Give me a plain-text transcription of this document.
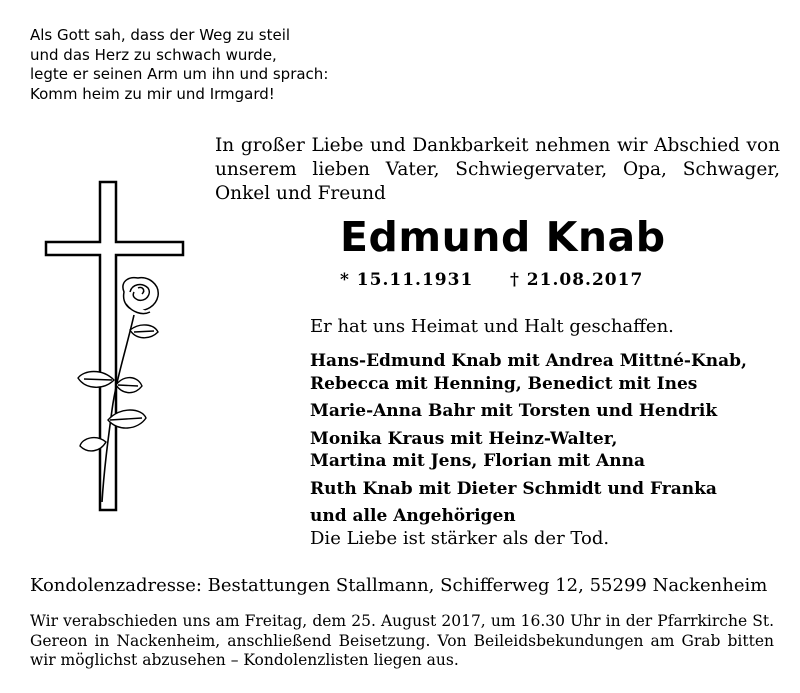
Als Gott sah, dass der Weg zu steil
und das Herz zu schwach wurde,
legte er seinen Arm um ihn und sprach:
Komm heim zu mir und Irmgard!
In großer Liebe und Dankbarkeit nehmen wir Abschied von unserem lieben Vater, Schwiegervater, Opa, Schwager, Onkel und Freund
Edmund Knab
* 15.11.1931 † 21.08.2017
Er hat uns Heimat und Halt geschaffen.
Hans-Edmund Knab mit Andrea Mittné-Knab,
Rebecca mit Henning, Benedict mit Ines
Marie-Anna Bahr mit Torsten und Hendrik
Monika Kraus mit Heinz-Walter,
Martina mit Jens, Florian mit Anna
Ruth Knab mit Dieter Schmidt und Franka
und alle Angehörigen
Die Liebe ist stärker als der Tod.
Kondolenzadresse: Bestattungen Stallmann, Schifferweg 12, 55299 Nackenheim
Wir verabschieden uns am Freitag, dem 25. August 2017, um 16.30 Uhr in der Pfarrkirche St. Gereon in Nackenheim, anschließend Beisetzung. Von Beileidsbekundungen am Grab bitten wir möglichst abzusehen – Kondolenzlisten liegen aus.
